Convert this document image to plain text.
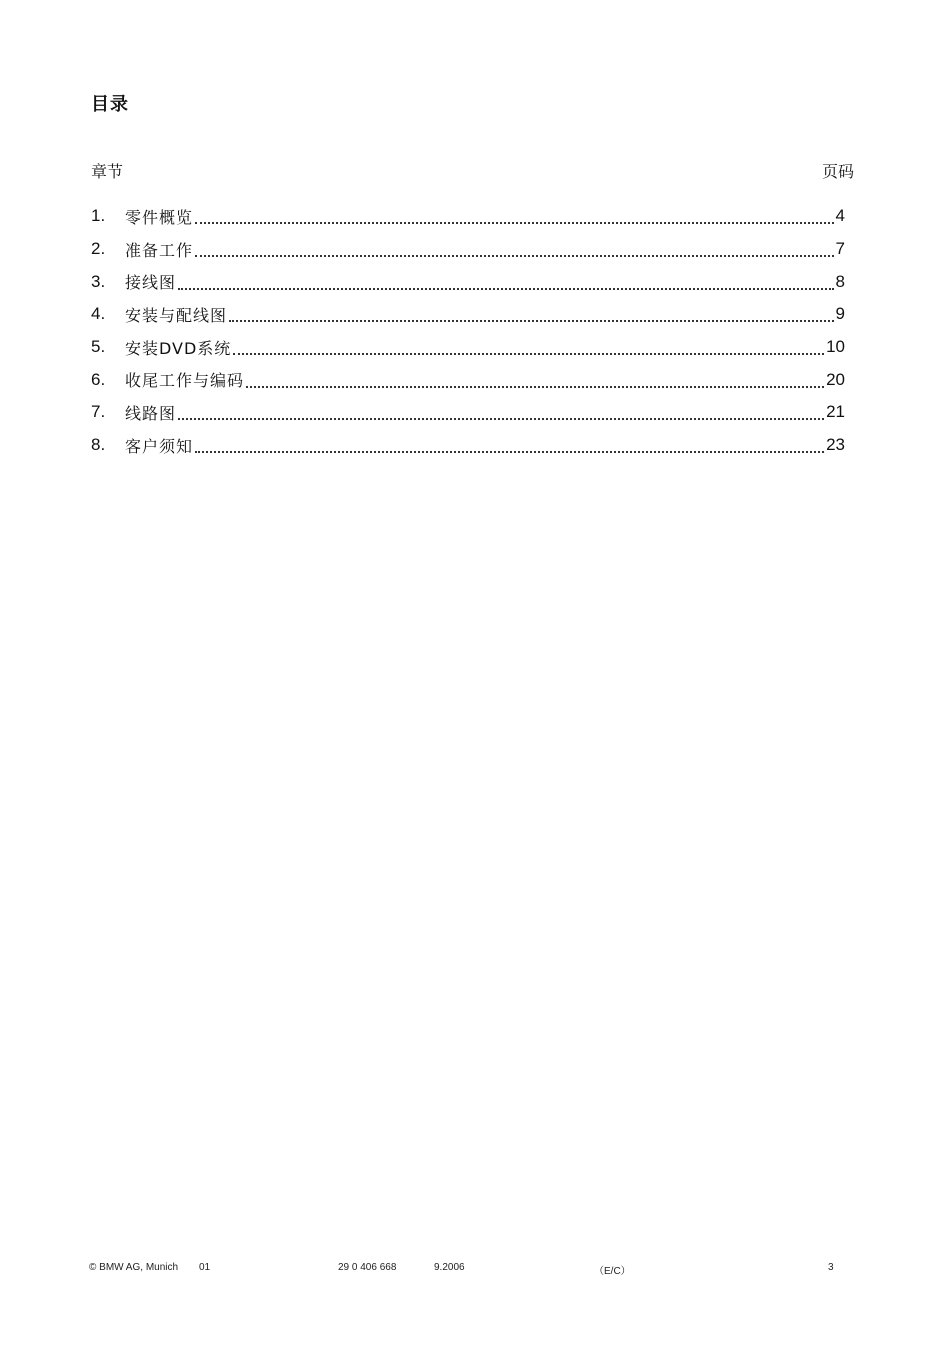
目录
章节	页码
1.	零件概览	4
2.	准备工作	7
3.	接线图	8
4.	安装与配线图	9
5.	安装DVD系统	10
6.	收尾工作与编码	20
7.	线路图	21
8.	客户须知	23
© BMW AG, Munich 01	29 0 406 668	9.2006	（E/C）	3
